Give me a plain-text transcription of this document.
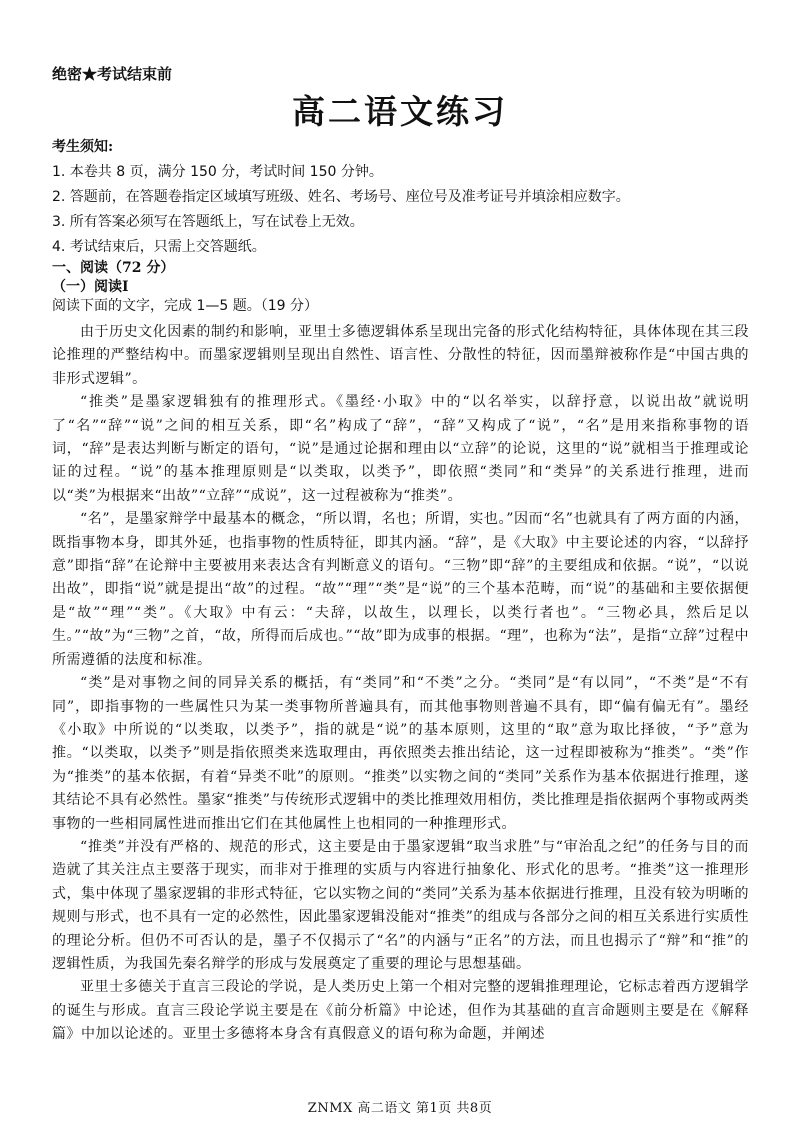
绝密★考试结束前
高二语文练习
考生须知:
1. 本卷共 8 页，满分 150 分，考试时间 150 分钟。
2. 答题前，在答题卷指定区域填写班级、姓名、考场号、座位号及准考证号并填涂相应数字。
3. 所有答案必须写在答题纸上，写在试卷上无效。
4. 考试结束后，只需上交答题纸。
一、阅读（72 分）
（一）阅读Ⅰ
阅读下面的文字，完成 1—5 题。（19 分）

由于历史文化因素的制约和影响，亚里士多德逻辑体系呈现出完备的形式化结构特征，具体体现在其三段论推理的严整结构中。而墨家逻辑则呈现出自然性、语言性、分散性的特征，因而墨辩被称作是“中国古典的非形式逻辑”。

“推类”是墨家逻辑独有的推理形式。《墨经·小取》中的“以名举实，以辞抒意，以说出故”就说明了“名”“辞”“说”之间的相互关系，即“名”构成了“辞”，“辞”又构成了“说”，“名”是用来指称事物的语词，“辞”是表达判断与断定的语句，“说”是通过论据和理由以“立辞”的论说，这里的“说”就相当于推理或论证的过程。“说”的基本推理原则是“以类取，以类予”，即依照“类同”和“类异”的关系进行推理，进而以“类”为根据来“出故”“立辞”“成说”，这一过程被称为“推类”。

“名”，是墨家辩学中最基本的概念，“所以谓，名也；所谓，实也。”因而“名”也就具有了两方面的内涵，既指事物本身，即其外延，也指事物的性质特征，即其内涵。“辞”，是《大取》中主要论述的内容，“以辞抒意”即指“辞”在论辩中主要被用来表达含有判断意义的语句。“三物”即“辞”的主要组成和依据。“说”，“以说出故”，即指“说”就是提出“故”的过程。“故”“理”“类”是“说”的三个基本范畴，而“说”的基础和主要依据便是“故”“理”“类”。《大取》中有云：“夫辞，以故生，以理长，以类行者也”。“三物必具，然后足以生。”“故”为“三物”之首，“故，所得而后成也。”“故”即为成事的根据。“理”，也称为“法”，是指“立辞”过程中所需遵循的法度和标准。

“类”是对事物之间的同异关系的概括，有“类同”和“不类”之分。“类同”是“有以同”，“不类”是“不有同”，即指事物的一些属性只为某一类事物所普遍具有，而其他事物则普遍不具有，即“偏有偏无有”。墨经《小取》中所说的“以类取，以类予”，指的就是“说”的基本原则，这里的“取”意为取比择彼，“予”意为推。“以类取，以类予”则是指依照类来选取理由，再依照类去推出结论，这一过程即被称为“推类”。“类”作为“推类”的基本依据，有着“异类不吡”的原则。“推类”以实物之间的“类同”关系作为基本依据进行推理，遂其结论不具有必然性。墨家“推类”与传统形式逻辑中的类比推理效用相仿，类比推理是指依据两个事物或两类事物的一些相同属性进而推出它们在其他属性上也相同的一种推理形式。

“推类”并没有严格的、规范的形式，这主要是由于墨家逻辑“取当求胜”与“审治乱之纪”的任务与目的而造就了其关注点主要落于现实，而非对于推理的实质与内容进行抽象化、形式化的思考。“推类”这一推理形式，集中体现了墨家逻辑的非形式特征，它以实物之间的“类同”关系为基本依据进行推理，且没有较为明晰的规则与形式，也不具有一定的必然性，因此墨家逻辑没能对“推类”的组成与各部分之间的相互关系进行实质性的理论分析。但仍不可否认的是，墨子不仅揭示了“名”的内涵与“正名”的方法，而且也揭示了“辩”和“推”的逻辑性质，为我国先秦名辩学的形成与发展奠定了重要的理论与思想基础。

亚里士多德关于直言三段论的学说，是人类历史上第一个相对完整的逻辑推理理论，它标志着西方逻辑学的诞生与形成。直言三段论学说主要是在《前分析篇》中论述，但作为其基础的直言命题则主要是在《解释篇》中加以论述的。亚里士多德将本身含有真假意义的语句称为命题，并阐述

ZNMX 高二语文 第1页 共8页
